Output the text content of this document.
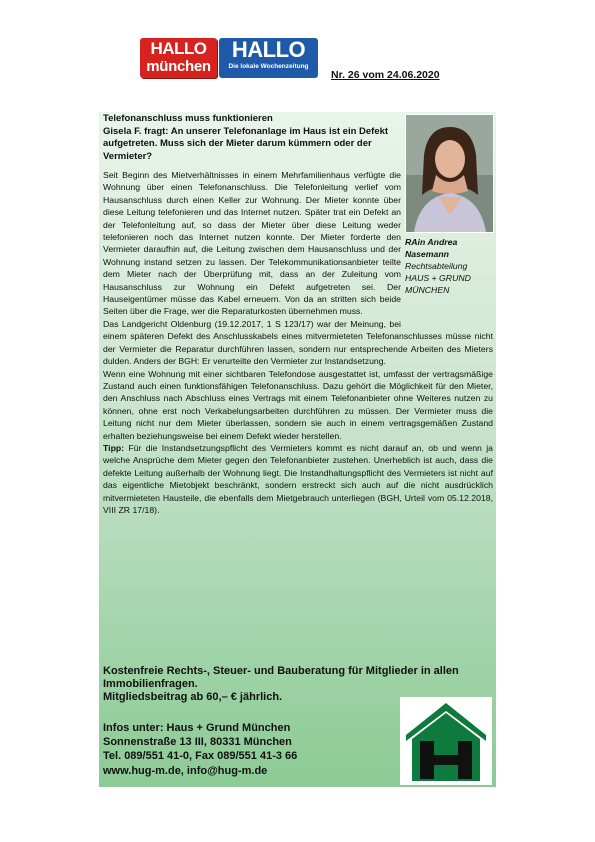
HALLO
münchen
HALLO
Die lokale Wochenzeitung
Nr. 26 vom 24.06.2020
Telefonanschluss muss funktionieren
Gisela F. fragt: An unserer Telefonanlage im Haus ist ein Defekt aufgetreten. Muss sich der Mieter darum kümmern oder der Vermieter?
RAin Andrea Nasemann
Rechtsabteilung
HAUS + GRUND
MÜNCHEN

Seit Beginn des Mietverhältnisses in einem Mehrfamilienhaus verfügte die Wohnung über einen Telefonanschluss. Die Telefonleitung verlief vom Hausanschluss durch einen Keller zur Wohnung. Der Mieter konnte über diese Leitung telefonieren und das Internet nutzen. Später trat ein Defekt an der Telefonleitung auf, so dass der Mieter über diese Leitung weder telefonieren noch das Internet nutzen konnte. Der Mieter forderte den Vermieter daraufhin auf, die Leitung zwischen dem Hausanschluss und der Wohnung instand setzen zu lassen. Der Telekommunikationsanbieter teilte dem Mieter nach der Überprüfung mit, dass an der Zuleitung vom Hausanschluss zur Wohnung ein Defekt aufgetreten sei. Der Hauseigentümer müsse das Kabel erneuern. Von da an stritten sich beide Seiten über die Frage, wer die Reparaturkosten übernehmen muss.

Das Landgericht Oldenburg (19.12.2017, 1 S 123/17) war der Meinung, bei einem späteren Defekt des Anschlusskabels eines mitvermieteten Telefonanschlusses müsse nicht der Vermieter die Reparatur durchführen lassen, sondern nur entsprechende Arbeiten des Mieters dulden. Anders der BGH: Er verurteilte den Vermieter zur Instandsetzung.

Wenn eine Wohnung mit einer sichtbaren Telefondose ausgestattet ist, umfasst der vertragsmäßige Zustand auch einen funktionsfähigen Telefonanschluss. Dazu gehört die Möglichkeit für den Mieter, den Anschluss nach Abschluss eines Vertrags mit einem Telefonanbieter ohne Weiteres nutzen zu können, ohne erst noch Verkabelungsarbeiten durchführen zu müssen. Der Vermieter muss die Leitung nicht nur dem Mieter überlassen, sondern sie auch in einem vertragsgemäßen Zustand erhalten beziehungsweise bei einem Defekt wieder herstellen.

Tipp: Für die Instandsetzungspflicht des Vermieters kommt es nicht darauf an, ob und wenn ja welche Ansprüche dem Mieter gegen den Telefonanbieter zustehen. Unerheblich ist auch, dass die defekte Leitung außerhalb der Wohnung liegt. Die Instandhaltungspflicht des Vermieters ist nicht auf das eigentliche Mietobjekt beschränkt, sondern erstreckt sich auch auf die nicht ausdrücklich mitvermieteten Hausteile, die ebenfalls dem Mietgebrauch unterliegen (BGH, Urteil vom 05.12.2018, VIII ZR 17/18).

Kostenfreie Rechts-, Steuer- und Bauberatung für Mitglieder in allen Immobilienfragen.
Mitgliedsbeitrag ab 60,– € jährlich.
Infos unter: Haus + Grund München
Sonnenstraße 13 III, 80331 München
Tel. 089/551 41-0, Fax 089/551 41-3 66
www.hug-m.de, info@hug-m.de
